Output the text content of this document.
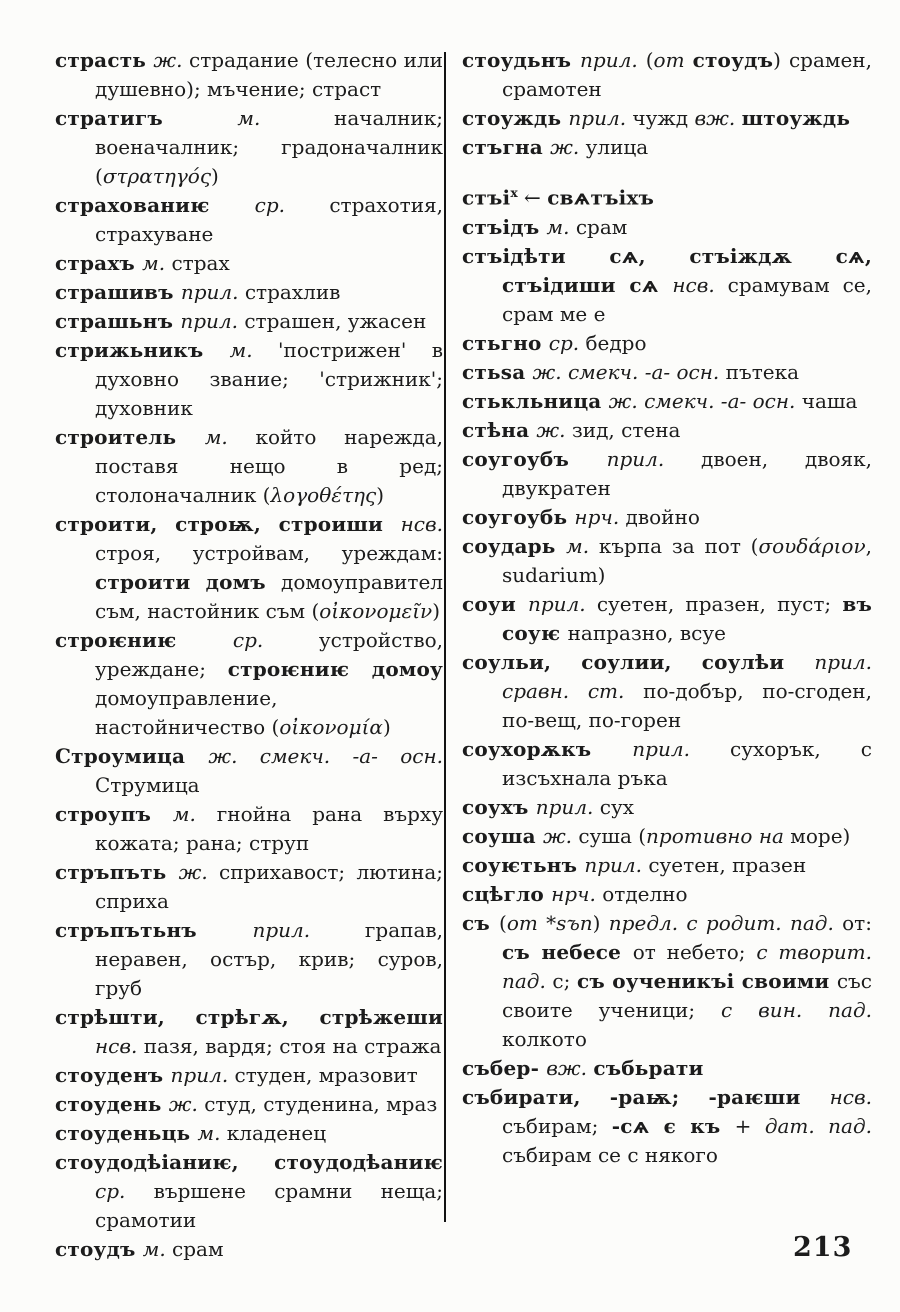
страсть ж. страдание (телесно или душевно); мъчение; страст

стратигъ м. началник; военачалник; градоначалник (στρατηγός)

страхованиѥ ср. страхотия, страхуване

страхъ м. страх

страшивъ прил. страхлив

страшьнъ прил. страшен, ужасен

стрижьникъ м. 'пострижен' в духовно звание; 'стрижник'; духовник

строитель м. който нарежда, поставя нещо в ред; столоначалник (λογοθέτης)

строити, строѭ, строиши нсв. строя, устройвам, уреждам: строити домъ домоуправител съм, настойник съм (οἰκονομεῖν)

строѥниѥ ср. устройство, уреждане; строѥниѥ домоу домоуправление, настойничество (οἰκονομία)

Строумица ж. смекч. -а- осн. Струмица

строупъ м. гнойна рана върху кожата; рана; струп

стръпъть ж. сприхавост; лютина; сприха

стръпътьнъ прил. грапав, неравен, остър, крив; суров, груб

стрѣшти, стрѣгѫ, стрѣжеши нсв. пазя, вардя; стоя на стража

стоуденъ прил. студен, мразовит

стоудень ж. студ, студенина, мраз

стоуденьць м. кладенец

стоудодѣіаниѥ, стоудодѣаниѥ ср. вършене срамни неща; срамотии

стоудъ м. срам

стоудьнъ прил. (от стоудъ) срамен, срамотен

стоуждь прил. чужд вж. штоуждь

стъгна ж. улица

стъі$^х$ ← свѧтъіхъ

стъідъ м. срам

стъідѣти сѧ, стъіждѫ сѧ, стъідиши сѧ нсв. срамувам се, срам ме е

стьгно ср. бедро

стьѕа ж. смекч. -а- осн. пътека

стькльница ж. смекч. -а- осн. чаша

стѣна ж. зид, стена

соугоубъ прил. двоен, двояк, двукратен

соугоубь нрч. двойно

соударь м. кърпа за пот (σουδάριον, sudarium)

соуи прил. суетен, празен, пуст; въ соуѥ напразно, всуе

соульи, соулии, соулѣи прил. сравн. ст. по-добър, по-сгоден, по-вещ, по-горен

соухорѫкъ прил. сухорък, с изсъхнала ръка

соухъ прил. сух

соуша ж. суша (противно на море)

соуѥтьнъ прил. суетен, празен

сцѣгло нрч. отделно

съ (от *sъn) предл. с родит. пад. от: съ небесе от небето; с творит. пад. с; съ оученикъі своими със своите ученици; с вин. пад. колкото

събер- вж. събьрати

събирати, -раѭ; -раѥши нсв. събирам; -сѧ є къ + дат. пад. събирам се с някого

213
